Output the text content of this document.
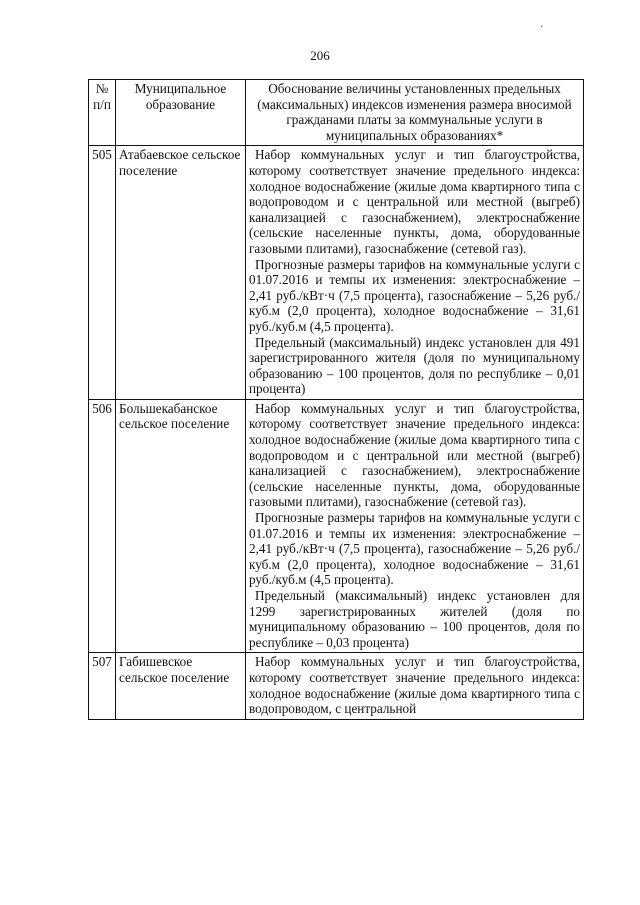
·
206
№ п/п	Муниципальное образование	Обоснование величины установленных предельных (максимальных) индексов изменения размера вносимой гражданами платы за коммунальные услуги в муниципальных образованиях*
505	Атабаевское сельское поселение	Набор коммунальных услуг и тип благоустройства, которому соответствует значение предельного индекса: холодное водоснабжение (жилые дома квартирного типа с водопроводом и с центральной или местной (выгреб) канализацией с газоснабжением), электроснабжение (сельские населенные пункты, дома, оборудованные газовыми плитами), газоснабжение (сетевой газ).

Прогнозные размеры тарифов на коммунальные услуги с 01.07.2016 и темпы их изменения: электроснабжение – 2,41 руб./кВт·ч (7,5 процента), газоснабжение – 5,26 руб./куб.м (2,0 процента), холодное водоснабжение – 31,61 руб./куб.м (4,5 процента).

Предельный (максимальный) индекс установлен для 491 зарегистрированного жителя (доля по муниципальному образованию – 100 процентов, доля по республике – 0,01 процента)

506	Большекабанское сельское поселение	Набор коммунальных услуг и тип благоустройства, которому соответствует значение предельного индекса: холодное водоснабжение (жилые дома квартирного типа с водопроводом и с центральной или местной (выгреб) канализацией с газоснабжением), электроснабжение (сельские населенные пункты, дома, оборудованные газовыми плитами), газоснабжение (сетевой газ).

Прогнозные размеры тарифов на коммунальные услуги с 01.07.2016 и темпы их изменения: электроснабжение – 2,41 руб./кВт·ч (7,5 процента), газоснабжение – 5,26 руб./куб.м (2,0 процента), холодное водоснабжение – 31,61 руб./куб.м (4,5 процента).

Предельный (максимальный) индекс установлен для 1299 зарегистрированных жителей (доля по муниципальному образованию – 100 процентов, доля по республике – 0,03 процента)

507	Габишевское сельское поселение	Набор коммунальных услуг и тип благоустройства, которому соответствует значение предельного индекса: холодное водоснабжение (жилые дома квартирного типа с водопроводом, с центральной
